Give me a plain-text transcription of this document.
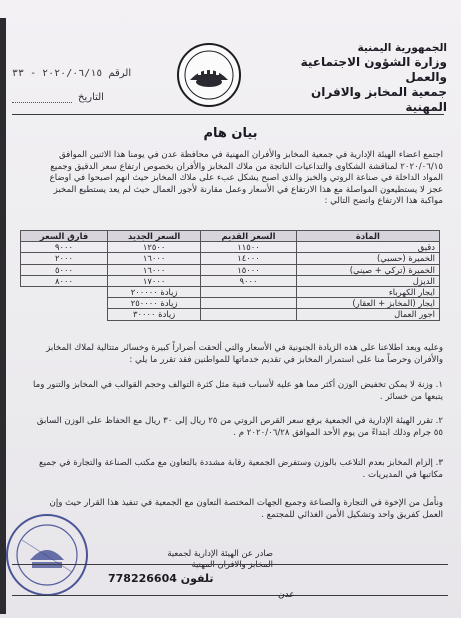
الجمهورية اليمنية
وزارة الشؤون الاجتماعية والعمل
جمعية المخابز والافران المهنية
٢٠٢٠/٠٦/١٥ - ٣٣ الرقم
التاريخ
بيان هام
اجتمع اعضاء الهيئة الإدارية في جمعية المخابز والأفران المهنية في محافظة عدن في يومنا هذا الاثنين الموافق ٢٠٢٠/٠٦/١٥ لمناقشة الشكاوى والتداعيات الناتجة من ملاك المخابز والأفران بخصوص ارتفاع سعر الدقيق وجميع المواد الداخلة في صناعة الروتي والخبز والذي اصبح يشكل عبء على ملاك المخابز حيث انهم اصبحوا في اوضاع عجز لا يستطيعون المواصلة مع هذا الارتفاع في الأسعار وعمل مقارنة لأجور العمال حيث لم يعد يستطيع المخبز مواكبة هذا الارتفاع واتضح التالي :
المادة	السعر القديم	السعر الجديد	فارق السعر
دقيق	١١٥٠٠	١٢٥٠٠	٩٠٠٠
الخميرة (حسبي)	١٤٠٠٠	١٦٠٠٠	٢٠٠٠
الخميرة (تركي + صيني)	١٥٠٠٠	١٦٠٠٠	٥٠٠٠
الديزل	٩٠٠٠	١٧٠٠٠	٨٠٠٠
ايجار الكهرباء		زيادة ٢٠٠٠٠٠	
ايجار (المخابز + العقار)		زيادة ٢٥٠٠٠٠	
اجور العمال		زيادة ٣٠٠٠٠	
وعليه وبعد اطلاعنا على هذه الزيادة الجنونية في الأسعار والتي ألحقت أضراراً كبيرة وخسائر متتالية لملاك المخابز والأفران وحرصاً منا على استمرار المخابز في تقديم خدماتها للمواطنين فقد تقرر ما يلي :
١. وزنة لا يمكن تخفيض الوزن أكثر مما هو عليه لأسباب فنية مثل كثرة التوالف وحجم القوالب في المخابز والتنور وما يتبعها من خسائر .
٢. تقرر الهيئة الإدارية في الجمعية برفع سعر القرص الروتي من ٢٥ ريال إلى ٣٠ ريال مع الحفاظ على الوزن السابق ٥٥ جرام وذلك ابتداءً من يوم الأحد الموافق ٢٠٢٠/٠٦/٢٨ م .
٣. إلزام المخابز بعدم التلاعب بالوزن وستفرض الجمعية رقابة مشددة بالتعاون مع مكتب الصناعة والتجارة في جميع مكاتبها في المديريات .
ونأمل من الإخوة في التجارة والصناعة وجميع الجهات المختصة التعاون مع الجمعية في تنفيذ هذا القرار حيث وإن العمل كفريق واحد وتشكيل الأمن الغذائي للمجتمع .
صادر عن الهيئة الإدارية لجمعية
المخابز والافران المهنية
تلفون 778226604
عدن
